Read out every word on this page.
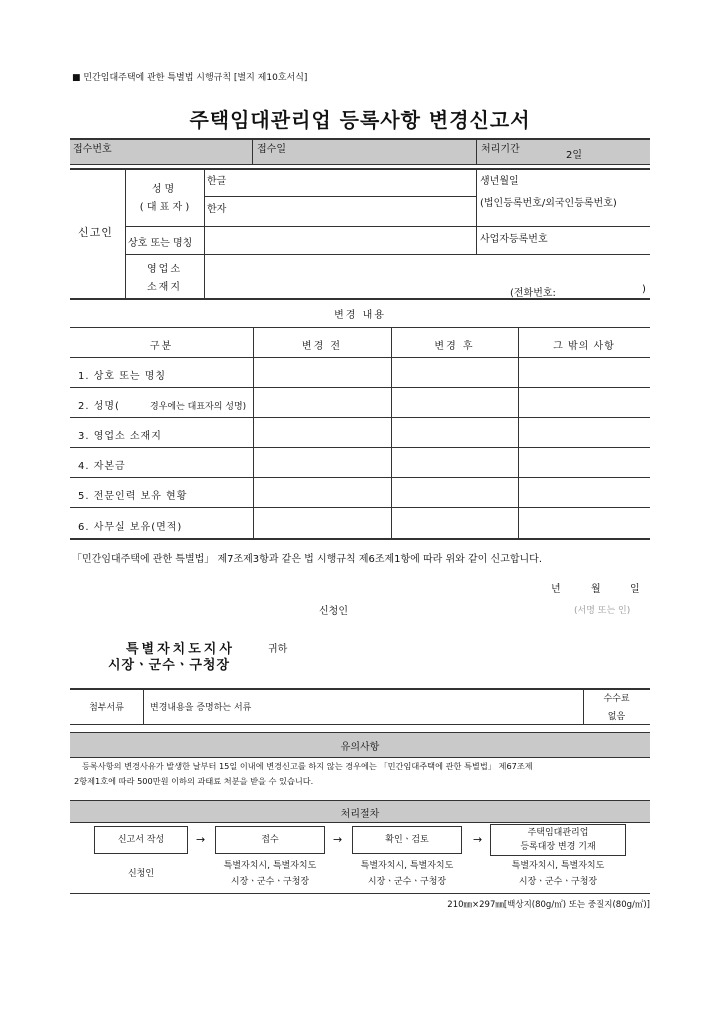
■ 민간임대주택에 관한 특별법 시행규칙 [별지 제10호서식]
주택임대관리업 등록사항 변경신고서
접수번호	접수일	처리기간
2일
신고인
성명
( 대 표 자 )
한글
한자
생년월일
(법인등록번호/외국인등록번호)
상호 또는 명칭	사업자등록번호
영업소
소재지
(전화번호:	)
변경 내용
구분	변경 전	변경 후	그 밖의 사항
1. 상호 또는 명칭
2. 성명(	경우에는 대표자의 성명)
3. 영업소 소재지
4. 자본금
5. 전문인력 보유 현황
6. 사무실 보유(면적)
「민간임대주택에 관한 특별법」 제7조제3항과 같은 법 시행규칙 제6조제1항에 따라 위와 같이 신고합니다.
년	월	일
신청인	(서명 또는 인)
특별자치도지사	귀하
시장ㆍ군수ㆍ구청장
첨부서류	변경내용을 증명하는 서류
수수료
없음
유의사항
등록사항의 변경사유가 발생한 날부터 15일 이내에 변경신고를 하지 않는 경우에는 「민간임대주택에 관한 특별법」 제67조제
2항제1호에 따라 500만원 이하의 과태료 처분을 받을 수 있습니다.
처리절차
신고서 작성	→	접수	→	확인ㆍ검토	→	주택임대관리업
등록대장 변경 기재
신청인
특별자치시, 특별자치도
시장ㆍ군수ㆍ구청장
특별자치시, 특별자치도
시장ㆍ군수ㆍ구청장
특별자치시, 특별자치도
시장ㆍ군수ㆍ구청장
210㎜×297㎜[백상지(80g/㎡) 또는 중질지(80g/㎡)]
